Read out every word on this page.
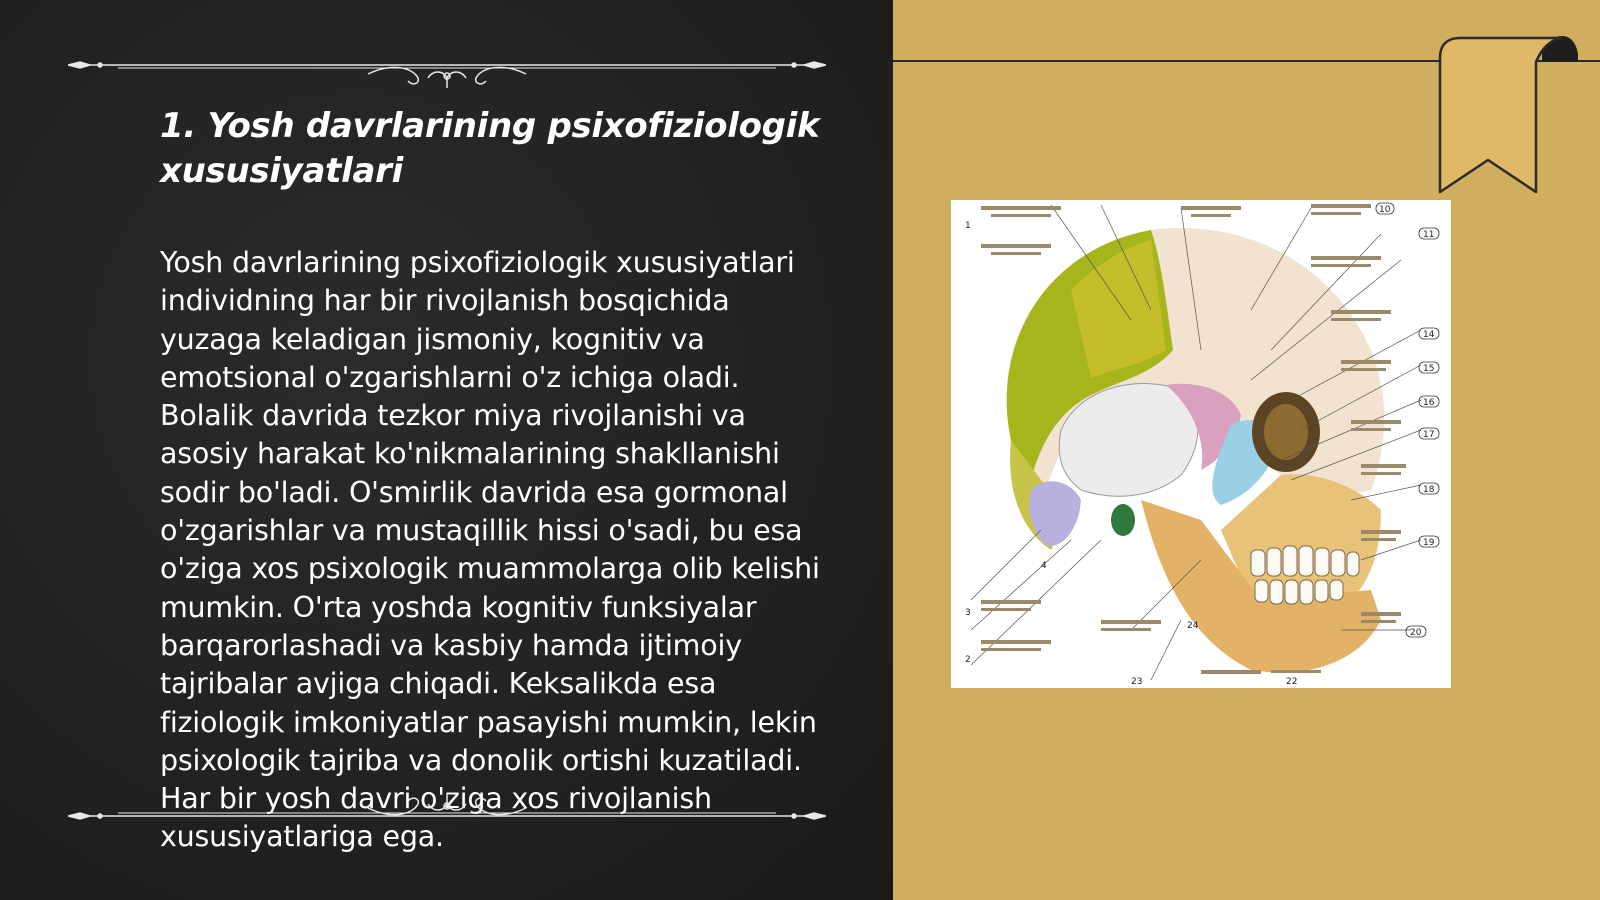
1. Yosh davrlarining psixofiziologik xususiyatlari

Yosh davrlarining psixofiziologik xususiyatlari individning har bir rivojlanish bosqichida yuzaga keladigan jismoniy, kognitiv va emotsional o'zgarishlarni o'z ichiga oladi. Bolalik davrida tezkor miya rivojlanishi va asosiy harakat ko'nikmalarining shakllanishi sodir bo'ladi. O'smirlik davrida esa gormonal o'zgarishlar va mustaqillik hissi o'sadi, bu esa o'ziga xos psixologik muammolarga olib kelishi mumkin. O'rta yoshda kognitiv funksiyalar barqarorlashadi va kasbiy hamda ijtimoiy tajribalar avjiga chiqadi. Keksalikda esa fiziologik imkoniyatlar pasayishi mumkin, lekin psixologik tajriba va donolik ortishi kuzatiladi. Har bir yosh davri o'ziga xos rivojlanish xususiyatlariga ega.

10
11
14
15
16
17
18
19
20
3
2
1
4
24
23	22
